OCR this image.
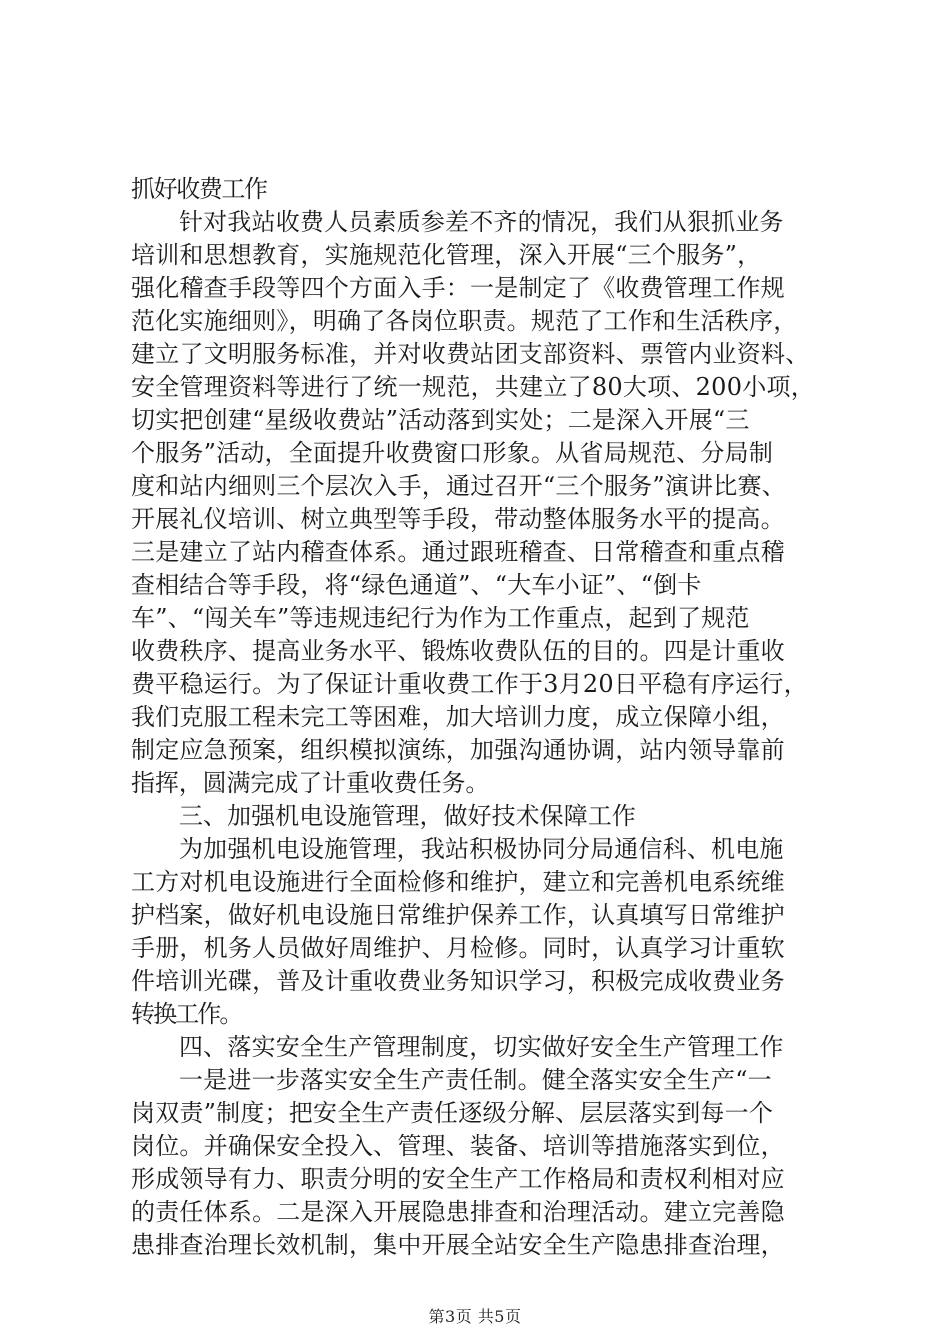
抓好收费工作
针对我站收费人员素质参差不齐的情况，我们从狠抓业务
培训和思想教育，实施规范化管理，深入开展“三个服务”，
强化稽查手段等四个方面入手：一是制定了《收费管理工作规
范化实施细则》，明确了各岗位职责。规范了工作和生活秩序，
建立了文明服务标准，并对收费站团支部资料、票管内业资料、
安全管理资料等进行了统一规范，共建立了80大项、200小项，
切实把创建“星级收费站”活动落到实处；二是深入开展“三
个服务”活动，全面提升收费窗口形象。从省局规范、分局制
度和站内细则三个层次入手，通过召开“三个服务”演讲比赛、
开展礼仪培训、树立典型等手段，带动整体服务水平的提高。
三是建立了站内稽查体系。通过跟班稽查、日常稽查和重点稽
查相结合等手段，将“绿色通道”、“大车小证”、“倒卡
车”、“闯关车”等违规违纪行为作为工作重点，起到了规范
收费秩序、提高业务水平、锻炼收费队伍的目的。四是计重收
费平稳运行。为了保证计重收费工作于3月20日平稳有序运行，
我们克服工程未完工等困难，加大培训力度，成立保障小组，
制定应急预案，组织模拟演练，加强沟通协调，站内领导靠前
指挥，圆满完成了计重收费任务。
三、加强机电设施管理，做好技术保障工作
为加强机电设施管理，我站积极协同分局通信科、机电施
工方对机电设施进行全面检修和维护，建立和完善机电系统维
护档案，做好机电设施日常维护保养工作，认真填写日常维护
手册，机务人员做好周维护、月检修。同时，认真学习计重软
件培训光碟，普及计重收费业务知识学习，积极完成收费业务
转换工作。
四、落实安全生产管理制度，切实做好安全生产管理工作
一是进一步落实安全生产责任制。健全落实安全生产“一
岗双责”制度；把安全生产责任逐级分解、层层落实到每一个
岗位。并确保安全投入、管理、装备、培训等措施落实到位，
形成领导有力、职责分明的安全生产工作格局和责权利相对应
的责任体系。二是深入开展隐患排查和治理活动。建立完善隐
患排查治理长效机制，集中开展全站安全生产隐患排查治理，
第3页 共5页
